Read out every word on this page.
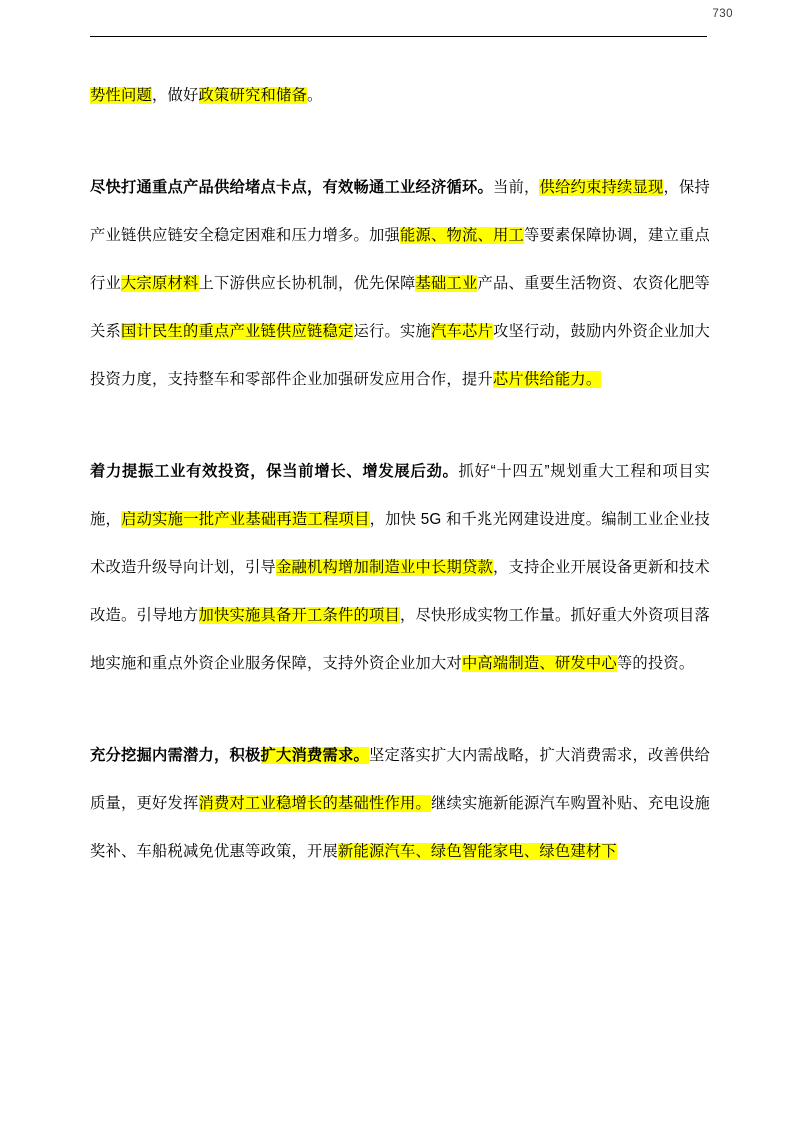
730

势性问题，做好政策研究和储备。

尽快打通重点产品供给堵点卡点，有效畅通工业经济循环。当前，供给约束持续显现，保持产业链供应链安全稳定困难和压力增多。加强能源、物流、用工等要素保障协调，建立重点行业大宗原材料上下游供应长协机制，优先保障基础工业产品、重要生活物资、农资化肥等关系国计民生的重点产业链供应链稳定运行。实施汽车芯片攻坚行动，鼓励内外资企业加大投资力度，支持整车和零部件企业加强研发应用合作，提升芯片供给能力。

着力提振工业有效投资，保当前增长、增发展后劲。抓好“十四五”规划重大工程和项目实施，启动实施一批产业基础再造工程项目，加快 5G 和千兆光网建设进度。编制工业企业技术改造升级导向计划，引导金融机构增加制造业中长期贷款，支持企业开展设备更新和技术改造。引导地方加快实施具备开工条件的项目，尽快形成实物工作量。抓好重大外资项目落地实施和重点外资企业服务保障，支持外资企业加大对中高端制造、研发中心等的投资。

充分挖掘内需潜力，积极扩大消费需求。坚定落实扩大内需战略，扩大消费需求，改善供给质量，更好发挥消费对工业稳增长的基础性作用。继续实施新能源汽车购置补贴、充电设施奖补、车船税减免优惠等政策，开展新能源汽车、绿色智能家电、绿色建材下
